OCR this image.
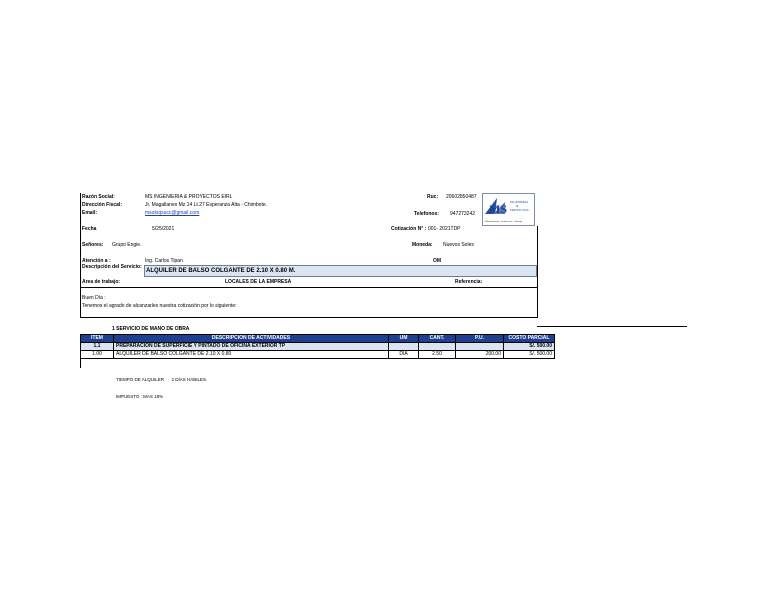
Razón Social:	MS INGENIERIA & PROYECTOS EIRL
Dirección Fiscal:	Jr. Magallanes Mz.14 Lt.27 Esperanza Alta - Chimbote.
Email:	msoloqsucc@gmail.com
Ruc: 20602850487
Telefonos: 947273242 MS INGENIERIA
&
PROYECTOS
Mantenimiento · Fabricación · Montaje
Fecha	5/25/2021	Cotización N° : 001- 2021TDP
Señores: Grupo Engie.	Moneda: Nuevos Soles
Atención a :	Ing. Carlos Tipan	OM
Descripción del Servicio:
ALQUILER DE BALSO COLGANTE DE 2.10 X 0.80 M.
Area de trabajo:	LOCALES DE LA EMPRESA	Referencia:
Buen Día :
Tenemos el agrado de alcanzarles nuestra cotización por lo siguiente:
1 SERVICIO DE MANO DE OBRA
ITEM	DESCRIPCION DE ACTIVIDADES	UM	CANT.	P.U.	COSTO PARCIAL
1.1	PREPARACION DE SUPERFICIE Y PINTADO DE OFICINA EXTERIOR TP				S/. 500.00
1.00	ALQUILER DE BALSO COLGANTE DE 2.10 X 0.80	DIA	2.50	200.00	S/. 500.00
TIEMPO DE ALQUILER      2 DÍAS HÁBILES.
IMPUESTO : MAS 18%
